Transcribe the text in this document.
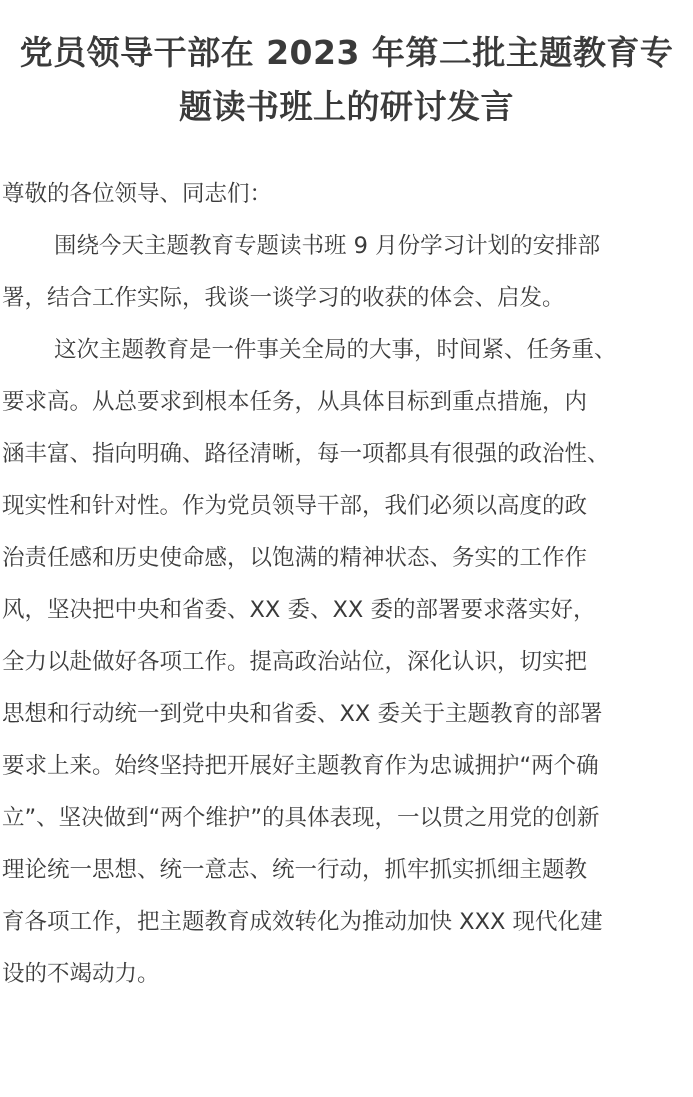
党员领导干部在 2023 年第二批主题教育专
题读书班上的研讨发言
尊敬的各位领导、同志们：
围绕今天主题教育专题读书班 9 月份学习计划的安排部
署，结合工作实际，我谈一谈学习的收获的体会、启发。
这次主题教育是一件事关全局的大事，时间紧、任务重、
要求高。从总要求到根本任务，从具体目标到重点措施，内
涵丰富、指向明确、路径清晰，每一项都具有很强的政治性、
现实性和针对性。作为党员领导干部，我们必须以高度的政
治责任感和历史使命感，以饱满的精神状态、务实的工作作
风，坚决把中央和省委、XX 委、XX 委的部署要求落实好，
全力以赴做好各项工作。提高政治站位，深化认识，切实把
思想和行动统一到党中央和省委、XX 委关于主题教育的部署
要求上来。始终坚持把开展好主题教育作为忠诚拥护“两个确
立”、坚决做到“两个维护”的具体表现，一以贯之用党的创新
理论统一思想、统一意志、统一行动，抓牢抓实抓细主题教
育各项工作，把主题教育成效转化为推动加快 XXX 现代化建
设的不竭动力。
